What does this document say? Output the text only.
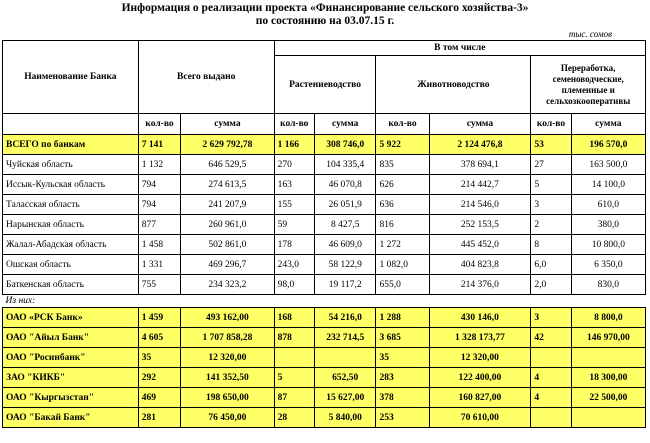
Информация о реализации проекта «Финансирование сельского хозяйства-3»
по состоянию на 03.07.15 г.
тыс. сомов
Наименование Банка	Всего выдано		В том числе					
			Растениеводство		Животноводство		Переработка, семеноводческие, племенные и сельхозкооперативы	
	кол-во	сумма	кол-во	сумма	кол-во	сумма	кол-во	сумма
ВСЕГО по банкам	7 141	2 629 792,78	1 166	308 746,0	5 922	2 124 476,8	53	196 570,0
Чуйская область	1 132	646 529,5	270	104 335,4	835	378 694,1	27	163 500,0
Иссык-Кульская область	794	274 613,5	163	46 070,8	626	214 442,7	5	14 100,0
Таласская область	794	241 207,9	155	26 051,9	636	214 546,0	3	610,0
Нарынская область	877	260 961,0	59	8 427,5	816	252 153,5	2	380,0
Жалал-Абадская область	1 458	502 861,0	178	46 609,0	1 272	445 452,0	8	10 800,0
Ошская область	1 331	469 296,7	243,0	58 122,9	1 082,0	404 823,8	6,0	6 350,0
Баткенская область	755	234 323,2	98,0	19 117,2	655,0	214 376,0	2,0	830,0
Из них:								
ОАО «РСК Банк»	1 459	493 162,00	168	54 216,0	1 288	430 146,0	3	8 800,0
ОАО "Айыл Банк"	4 605	1 707 858,28	878	232 714,5	3 685	1 328 173,77	42	146 970,00
ОАО "Росинбанк"	35	12 320,00			35	12 320,00		
ЗАО "КИКБ"	292	141 352,50	5	652,50	283	122 400,00	4	18 300,00
ОАО "Кыргызстан"	469	198 650,00	87	15 627,00	378	160 827,00	4	22 500,00
ОАО "Бакай Банк"	281	76 450,00	28	5 840,00	253	70 610,00		
